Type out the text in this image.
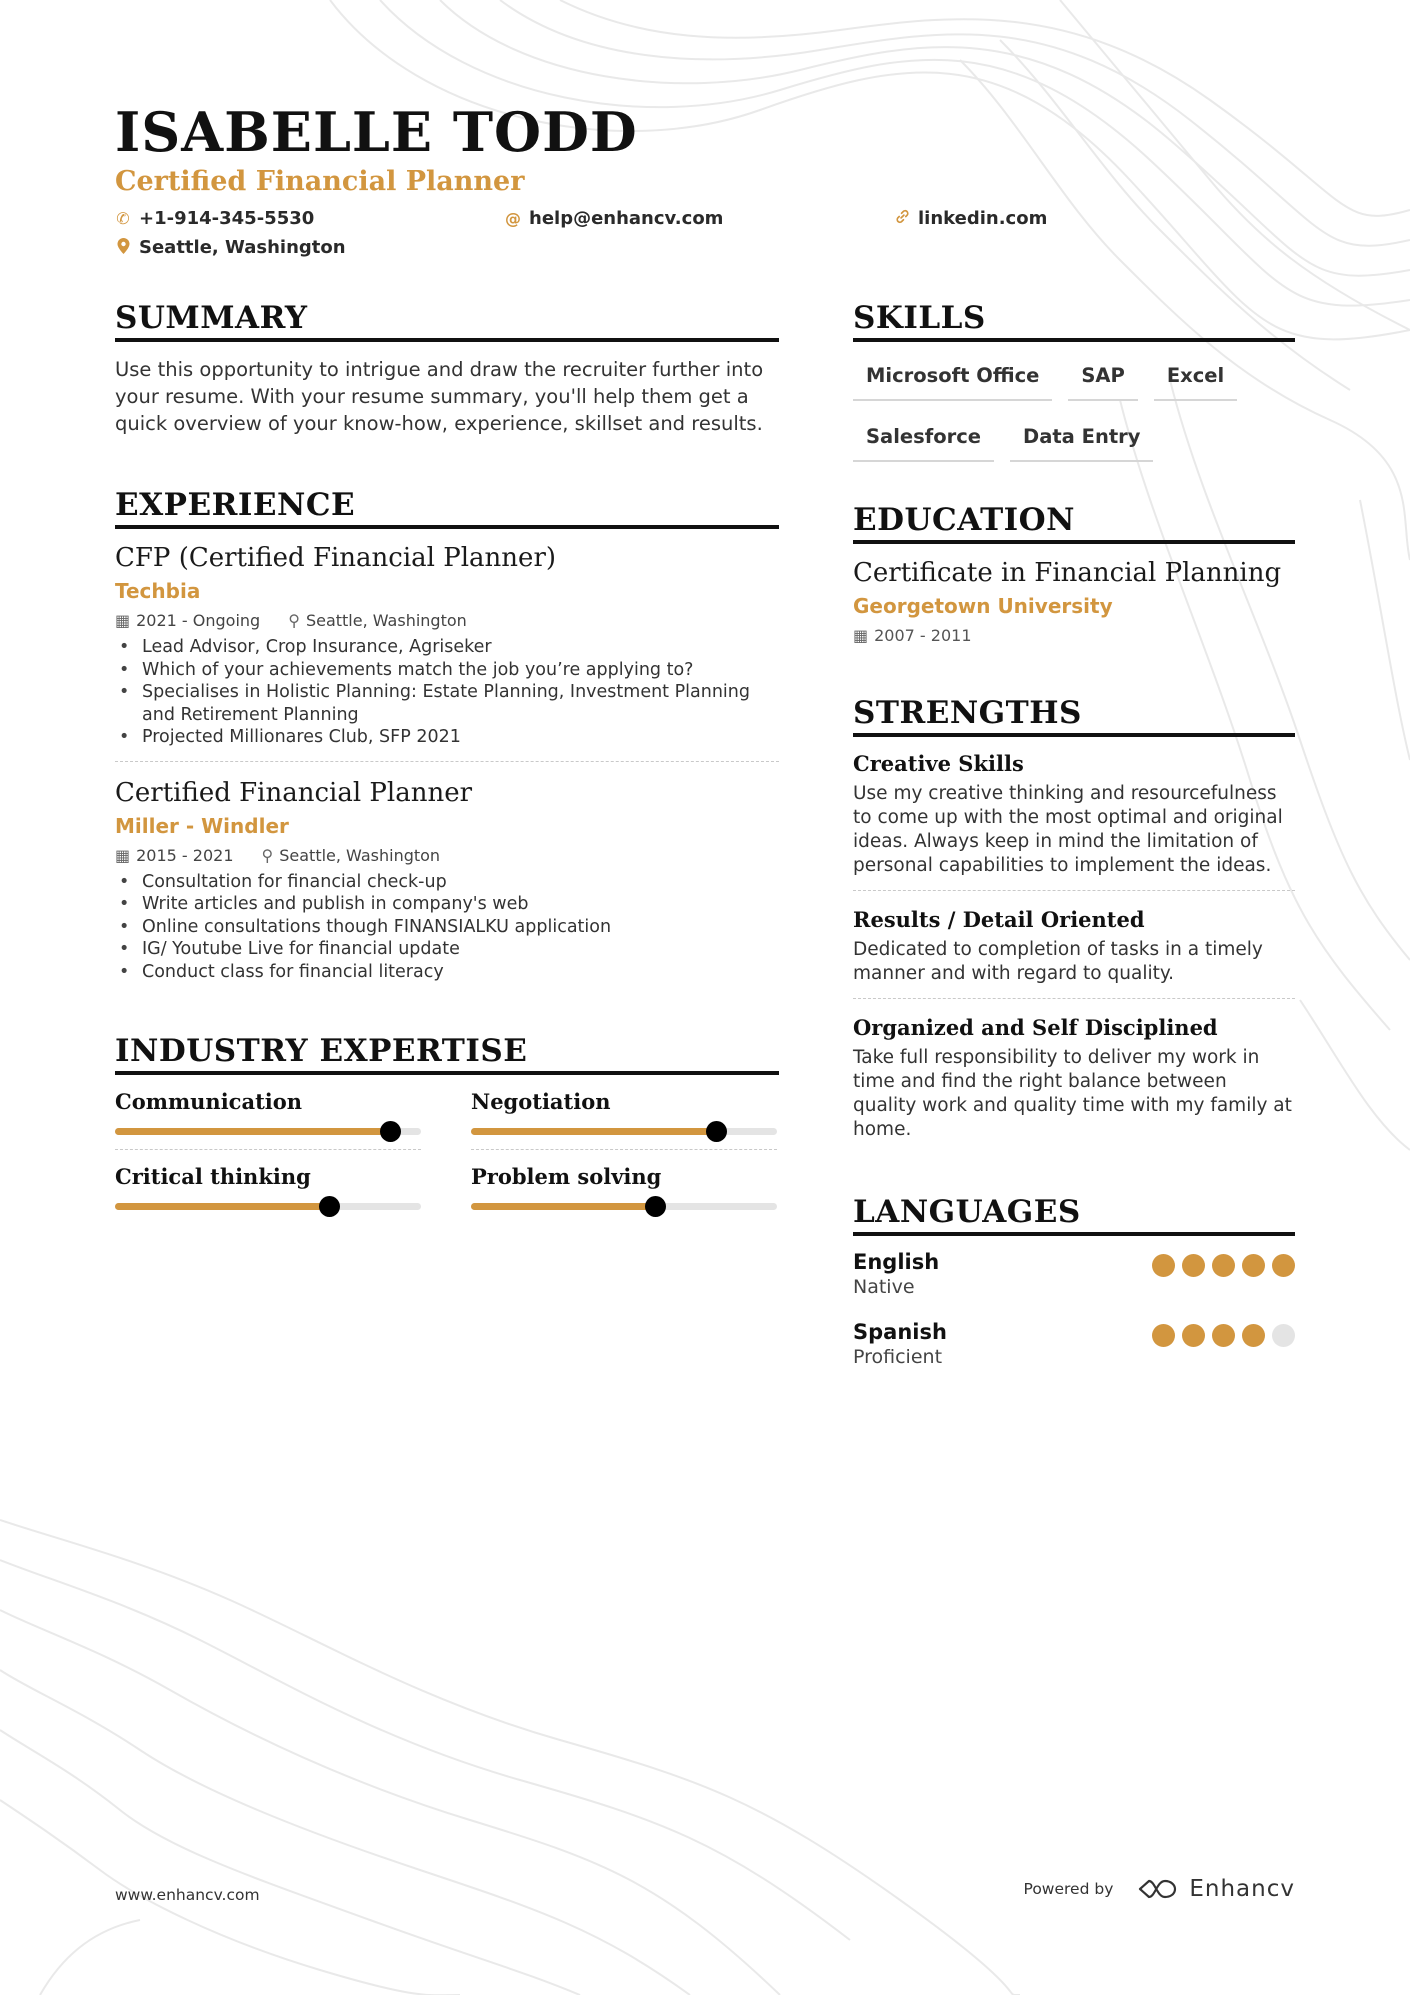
ISABELLE TODD
Certified Financial Planner
✆ +1-914-345-5530	@ help@enhancv.com	linkedin.com
Seattle, Washington
SUMMARY
Use this opportunity to intrigue and draw the recruiter further into your resume. With your resume summary, you'll help them get a quick overview of your know-how, experience, skillset and results.
EXPERIENCE
CFP (Certified Financial Planner)
Techbia
▦ 2021 - Ongoing ⚲ Seattle, Washington
• Lead Advisor, Crop Insurance, Agriseker
• Which of your achievements match the job you’re applying to?
• Specialises in Holistic Planning: Estate Planning, Investment Planning and Retirement Planning
• Projected Millionares Club, SFP 2021
Certified Financial Planner
Miller - Windler
▦ 2015 - 2021 ⚲ Seattle, Washington
• Consultation for financial check-up
• Write articles and publish in company's web
• Online consultations though FINANSIALKU application
• IG/ Youtube Live for financial update
• Conduct class for financial literacy
INDUSTRY EXPERTISE
Communication	Negotiation
Critical thinking	Problem solving
SKILLS
Microsoft Office	SAP	Excel
Salesforce	Data Entry
EDUCATION
Certificate in Financial Planning
Georgetown University
▦ 2007 - 2011
STRENGTHS
Creative Skills
Use my creative thinking and resourcefulness to come up with the most optimal and original ideas. Always keep in mind the limitation of personal capabilities to implement the ideas.
Results / Detail Oriented
Dedicated to completion of tasks in a timely manner and with regard to quality.
Organized and Self Disciplined
Take full responsibility to deliver my work in time and find the right balance between quality work and quality time with my family at home.
LANGUAGES
English
Native
Spanish
Proficient
www.enhancv.com	Powered by	Enhancv
